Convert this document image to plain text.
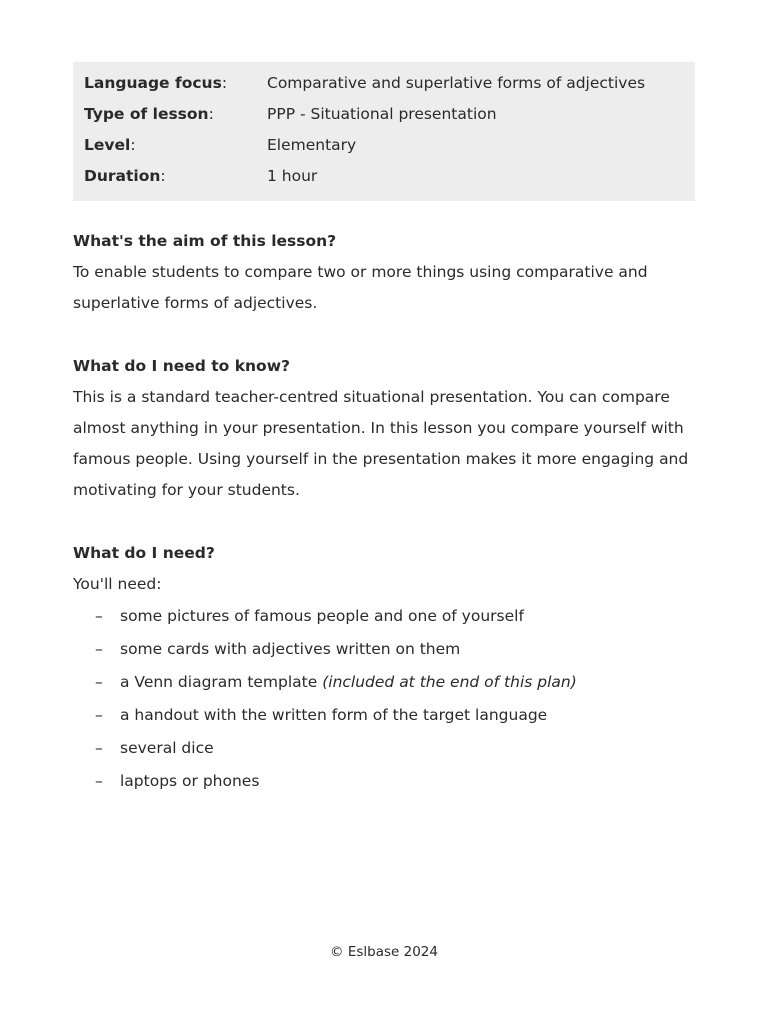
Language focus:	Comparative and superlative forms of adjectives
Type of lesson:	PPP - Situational presentation
Level:	Elementary
Duration:	1 hour
What's the aim of this lesson?
To enable students to compare two or more things using comparative and superlative forms of adjectives.
What do I need to know?
This is a standard teacher-centred situational presentation. You can compare almost anything in your presentation. In this lesson you compare yourself with famous people. Using yourself in the presentation makes it more engaging and motivating for your students.
What do I need?
You'll need:
–	some pictures of famous people and one of yourself
–	some cards with adjectives written on them
–	a Venn diagram template (included at the end of this plan)
–	a handout with the written form of the target language
–	several dice
–	laptops or phones
© Eslbase 2024
